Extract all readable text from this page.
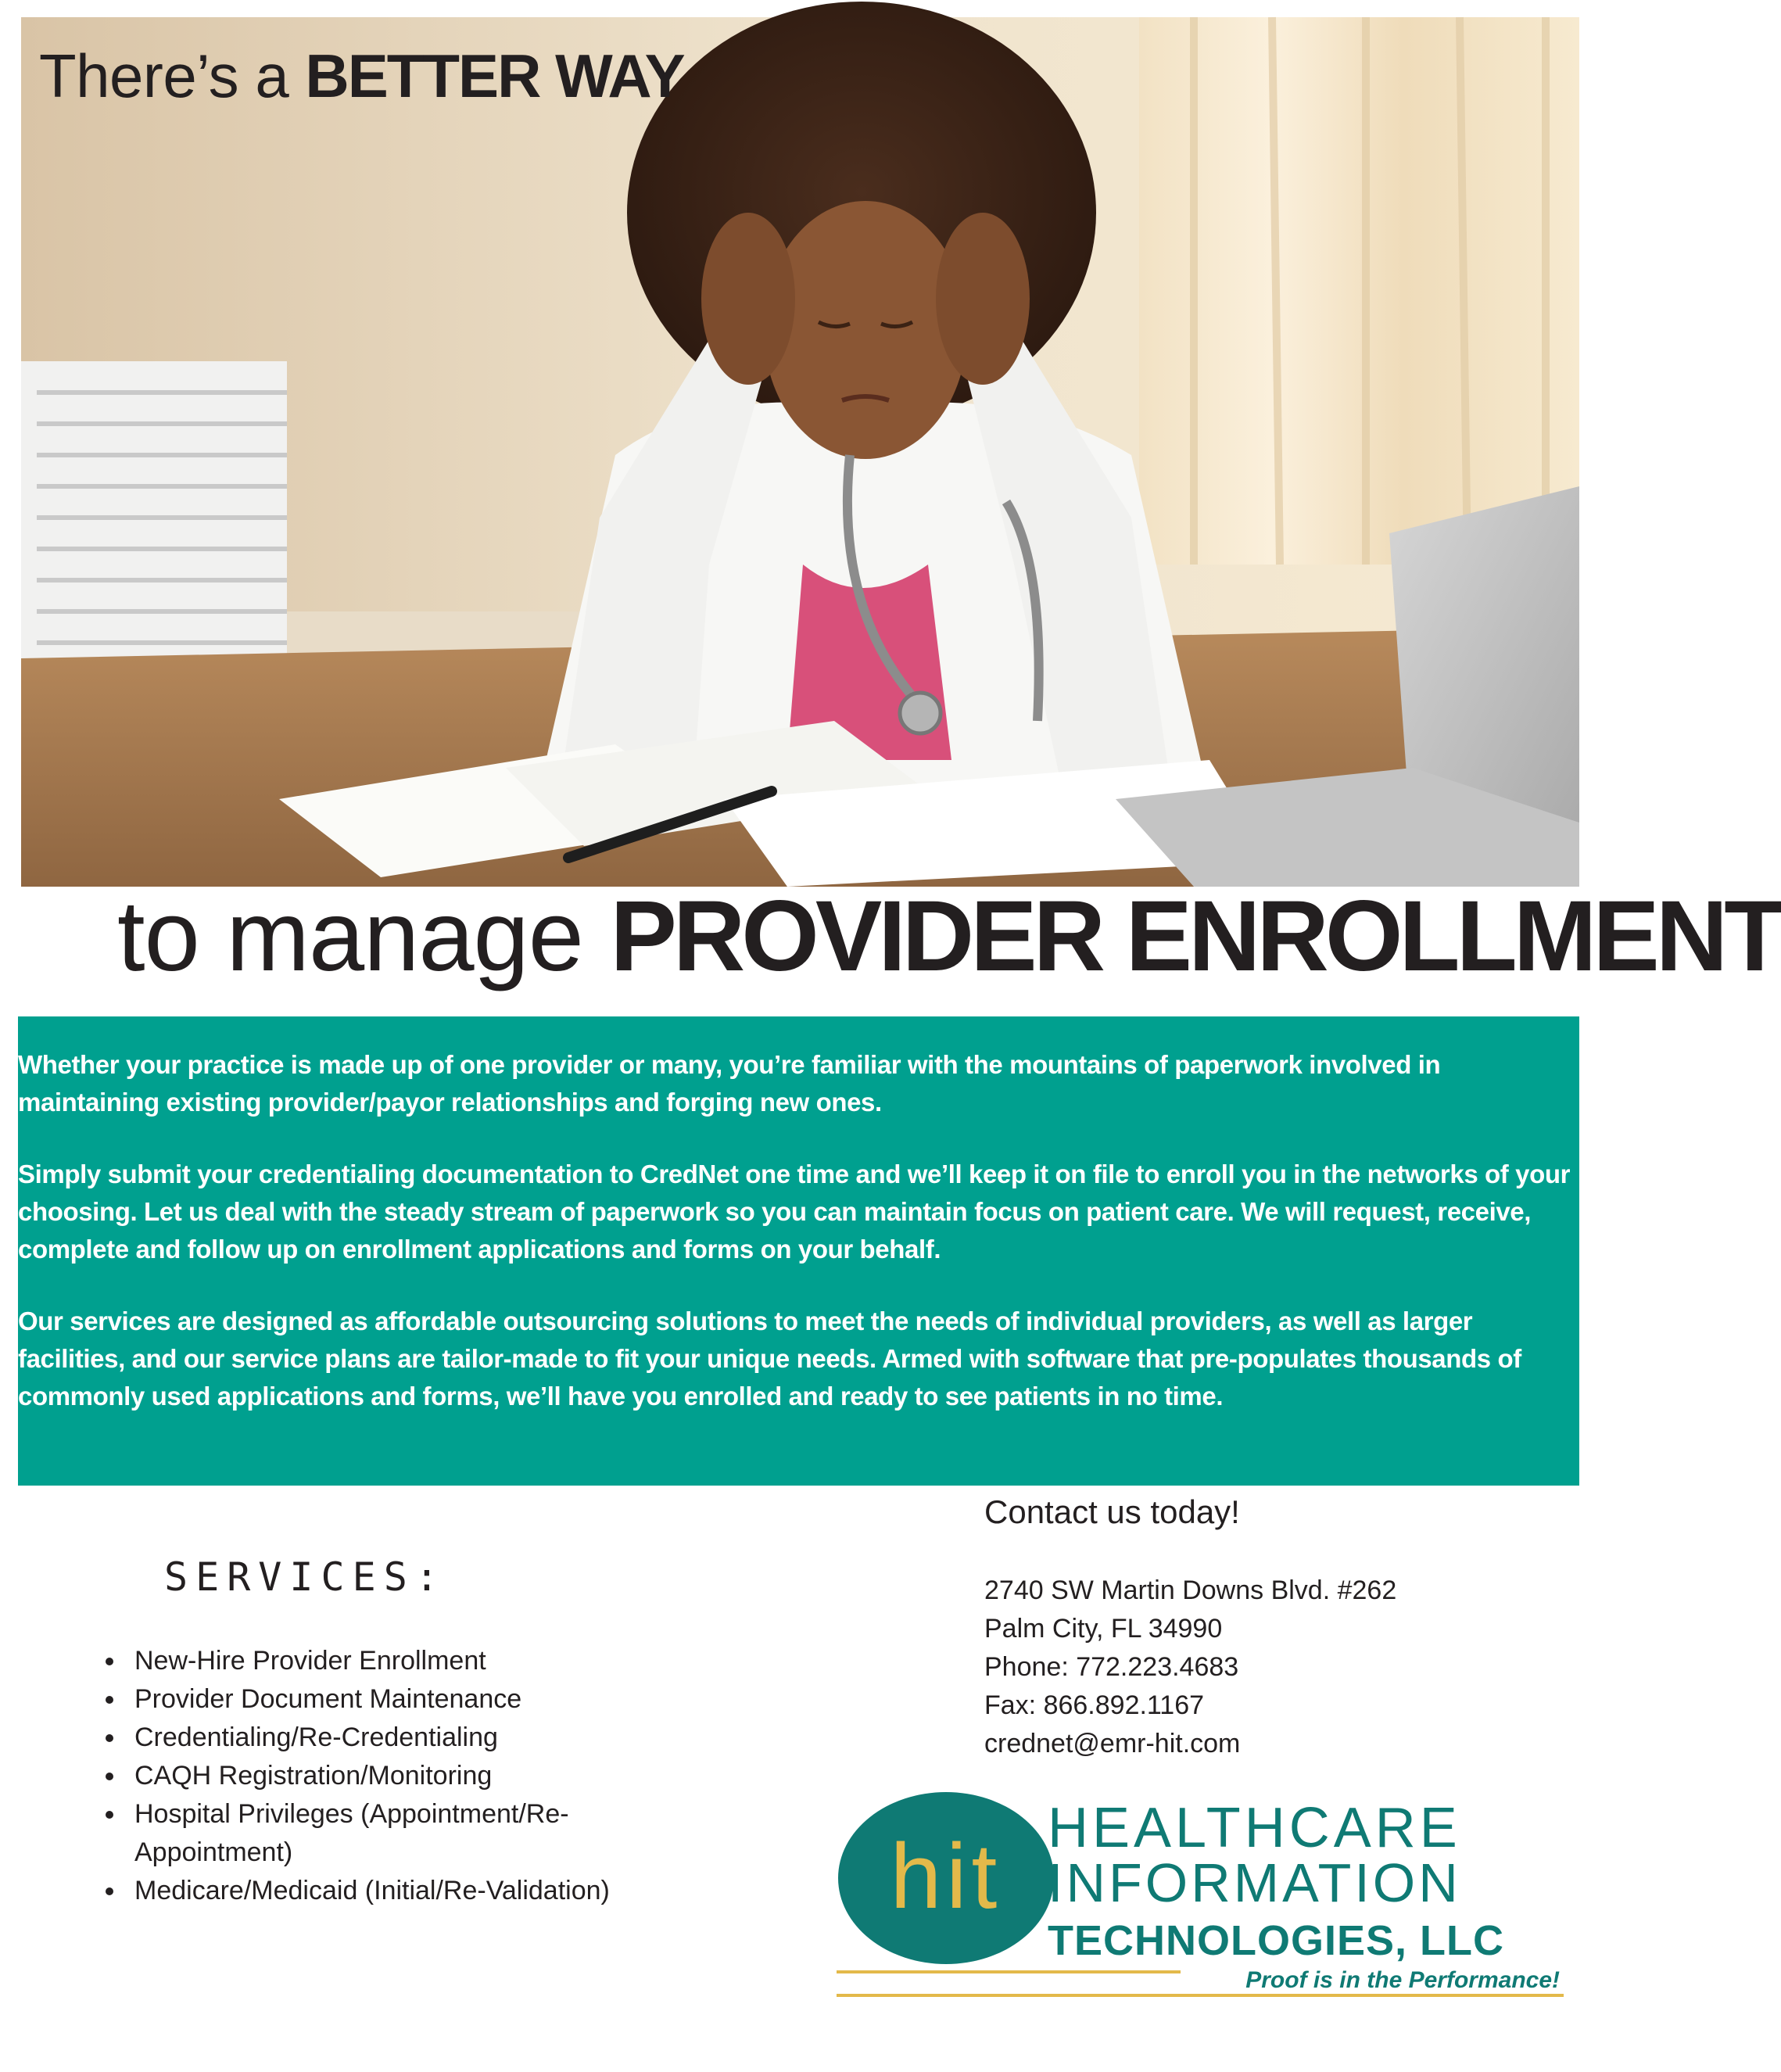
There’s a BETTER WAY
to manage PROVIDER ENROLLMENT

Whether your practice is made up of one provider or many, you’re familiar with the mountains of paperwork involved in maintaining existing provider/payor relationships and forging new ones.

Simply submit your credentialing documentation to CredNet one time and we’ll keep it on file to enroll you in the networks of your choosing. Let us deal with the steady stream of paperwork so you can maintain focus on patient care. We will request, receive, complete and follow up on enrollment applications and forms on your behalf.

Our services are designed as affordable outsourcing solutions to meet the needs of individual providers, as well as larger facilities, and our service plans are tailor-made to fit your unique needs. Armed with software that pre-populates thousands of commonly used applications and forms, we’ll have you enrolled and ready to see patients in no time.

SERVICES:
• New-Hire Provider Enrollment
• Provider Document Maintenance
• Credentialing/Re-Credentialing
• CAQH Registration/Monitoring
• Hospital Privileges (Appointment/Re-Appointment)
• Medicare/Medicaid (Initial/Re-Validation)
Contact us today!
2740 SW Martin Downs Blvd. #262
Palm City, FL 34990
Phone: 772.223.4683
Fax: 866.892.1167
crednet@emr-hit.com
hit HEALTHCARE
INFORMATION
TECHNOLOGIES, LLC
Proof is in the Performance!
